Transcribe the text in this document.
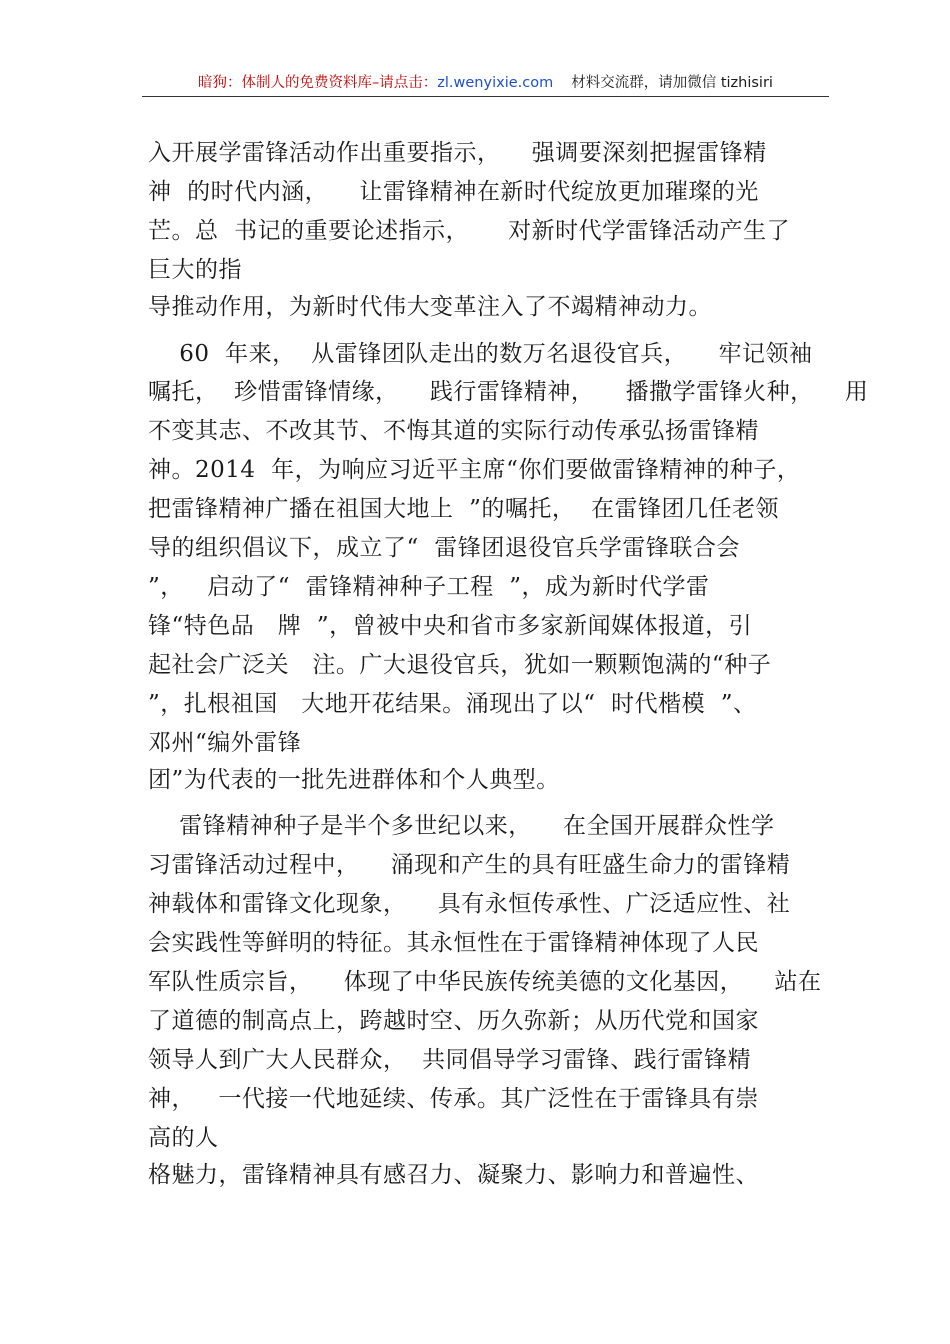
暗狗：体制人的免费资料库–请点击：zl.wenyixie.com 材料交流群，请加微信 tizhisiri
入开展学雷锋活动作出重要指示，    强调要深刻把握雷锋精
神  的时代内涵，    让雷锋精神在新时代绽放更加璀璨的光
芒。总  书记的重要论述指示，     对新时代学雷锋活动产生了
巨大的指
导推动作用，为新时代伟大变革注入了不竭精神动力。
60  年来，  从雷锋团队走出的数万名退役官兵，    牢记领袖
嘱托，  珍惜雷锋情缘，    践行雷锋精神，    播撒学雷锋火种，    用
不变其志、不改其节、不悔其道的实际行动传承弘扬雷锋精
神。2014  年，为响应习近平主席“你们要做雷锋精神的种子，
把雷锋精神广播在祖国大地上  ”的嘱托，  在雷锋团几任老领
导的组织倡议下，成立了“  雷锋团退役官兵学雷锋联合会
”，   启动了“  雷锋精神种子工程  ”，成为新时代学雷
锋“特色品   牌  ”，曾被中央和省市多家新闻媒体报道，引
起社会广泛关   注。广大退役官兵，犹如一颗颗饱满的“种子
”，扎根祖国   大地开花结果。涌现出了以“  时代楷模  ”、
邓州“编外雷锋
团”为代表的一批先进群体和个人典型。
雷锋精神种子是半个多世纪以来，    在全国开展群众性学
习雷锋活动过程中，    涌现和产生的具有旺盛生命力的雷锋精
神载体和雷锋文化现象，    具有永恒传承性、广泛适应性、社
会实践性等鲜明的特征。其永恒性在于雷锋精神体现了人民
军队性质宗旨，    体现了中华民族传统美德的文化基因，    站在
了道德的制高点上，跨越时空、历久弥新；从历代党和国家
领导人到广大人民群众，  共同倡导学习雷锋、践行雷锋精
神，   一代接一代地延续、传承。其广泛性在于雷锋具有崇
高的人
格魅力，雷锋精神具有感召力、凝聚力、影响力和普遍性、
